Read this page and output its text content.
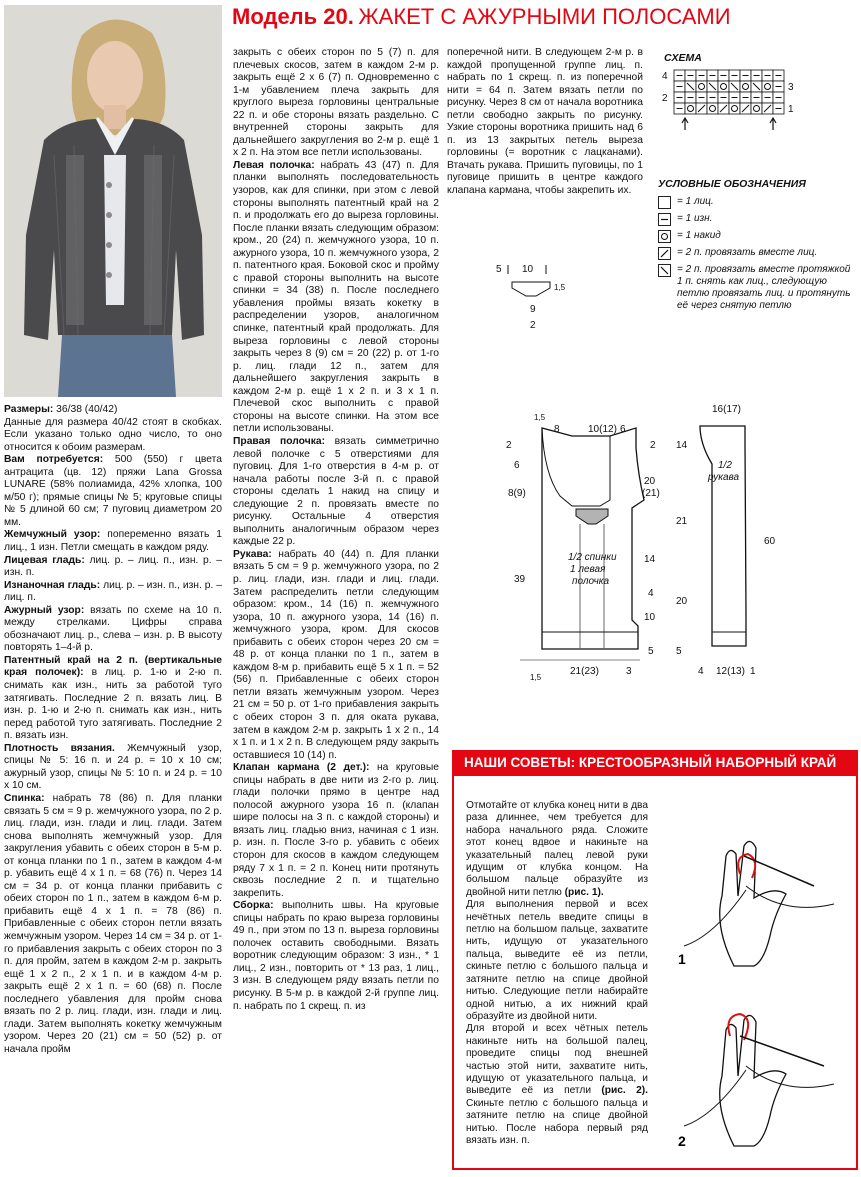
Модель 20. ЖАКЕТ С АЖУРНЫМИ ПОЛОСАМИ

Размеры: 36/38 (40/42)

Данные для размера 40/42 стоят в скобках. Если указано только одно число, то оно относится к обоим размерам.

Вам потребуется: 500 (550) г цвета антрацита (цв. 12) пряжи Lana Grossa LUNARE (58% полиамида, 42% хлопка, 100 м/50 г); прямые спицы № 5; круговые спицы № 5 длиной 60 см; 7 пуговиц диаметром 20 мм.

Жемчужный узор: попеременно вязать 1 лиц., 1 изн. Петли смещать в каждом ряду.

Лицевая гладь: лиц. р. – лиц. п., изн. р. – изн. п.

Изнаночная гладь: лиц. р. – изн. п., изн. р. – лиц. п.

Ажурный узор: вязать по схеме на 10 п. между стрелками. Цифры справа обозначают лиц. р., слева – изн. р. В высоту повторять 1–4-й р.

Патентный край на 2 п. (вертикальные края полочек): в лиц. р. 1-ю и 2-ю п. снимать как изн., нить за работой туго затягивать. Последние 2 п. вязать лиц. В изн. р. 1-ю и 2-ю п. снимать как изн., нить перед работой туго затягивать. Последние 2 п. вязать изн.

Плотность вязания. Жемчужный узор, спицы № 5: 16 п. и 24 р. = 10 х 10 см; ажурный узор, спицы № 5: 10 п. и 24 р. = 10 х 10 см.

Спинка: набрать 78 (86) п. Для планки связать 5 см = 9 р. жемчужного узора, по 2 р. лиц. глади, изн. глади и лиц. глади. Затем снова выполнять жемчужный узор. Для закругления убавить с обеих сторон в 5-м р. от конца планки по 1 п., затем в каждом 4-м р. убавить ещё 4 х 1 п. = 68 (76) п. Через 14 см = 34 р. от конца планки прибавить с обеих сторон по 1 п., затем в каждом 6-м р. прибавить ещё 4 х 1 п. = 78 (86) п. Прибавленные с обеих сторон петли вязать жемчужным узором. Через 14 см = 34 р. от 1-го прибавления закрыть с обеих сторон по 3 п. для пройм, затем в каждом 2-м р. закрыть ещё 1 х 2 п., 2 х 1 п. и в каждом 4-м р. закрыть ещё 2 х 1 п. = 60 (68) п. После последнего убавления для пройм снова вязать по 2 р. лиц. глади, изн. глади и лиц. глади. Затем выполнять кокетку жемчужным узором. Через 20 (21) см = 50 (52) р. от начала пройм

закрыть с обеих сторон по 5 (7) п. для плечевых скосов, затем в каждом 2-м р. закрыть ещё 2 х 6 (7) п. Одновременно с 1-м убавлением плеча закрыть для круглого выреза горловины центральные 22 п. и обе стороны вязать раздельно. С внутренней стороны закрыть для дальнейшего закругления во 2-м р. ещё 1 х 2 п. На этом все петли использованы.

Левая полочка: набрать 43 (47) п. Для планки выполнять последовательность узоров, как для спинки, при этом с левой стороны выполнять патентный край на 2 п. и продолжать его до выреза горловины. После планки вязать следующим образом: кром., 20 (24) п. жемчужного узора, 10 п. ажурного узора, 10 п. жемчужного узора, 2 п. патентного края. Боковой скос и пройму с правой стороны выполнить на высоте спинки = 34 (38) п. После последнего убавления проймы вязать кокетку в распределении узоров, аналогичном спинке, патентный край продолжать. Для выреза горловины с левой стороны закрыть через 8 (9) см = 20 (22) р. от 1-го р. лиц. глади 12 п., затем для дальнейшего закругления закрыть в каждом 2-м р. ещё 1 х 2 п. и 3 х 1 п. Плечевой скос выполнить с правой стороны на высоте спинки. На этом все петли использованы.

Правая полочка: вязать симметрично левой полочке с 5 отверстиями для пуговиц. Для 1-го отверстия в 4-м р. от начала работы после 3-й п. с правой стороны сделать 1 накид на спицу и следующие 2 п. провязать вместе по рисунку. Остальные 4 отверстия выполнить аналогичным образом через каждые 22 р.

Рукава: набрать 40 (44) п. Для планки вязать 5 см = 9 р. жемчужного узора, по 2 р. лиц. глади, изн. глади и лиц. глади. Затем распределить петли следующим образом: кром., 14 (16) п. жемчужного узора, 10 п. ажурного узора, 14 (16) п. жемчужного узора, кром. Для скосов прибавить с обеих сторон через 20 см = 48 р. от конца планки по 1 п., затем в каждом 8-м р. прибавить ещё 5 х 1 п. = 52 (56) п. Прибавленные с обеих сторон петли вязать жемчужным узором. Через 21 см = 50 р. от 1-го прибавления закрыть с обеих сторон 3 п. для оката рукава, затем в каждом 2-м р. закрыть 1 х 2 п., 14 х 1 п. и 1 х 2 п. В следующем ряду закрыть оставшиеся 10 (14) п.

Клапан кармана (2 дет.): на круговые спицы набрать в две нити из 2-го р. лиц. глади полочки прямо в центре над полосой ажурного узора 16 п. (клапан шире полосы на 3 п. с каждой стороны) и вязать лиц. гладью вниз, начиная с 1 изн. р. изн. п. После 3-го р. убавить с обеих сторон для скосов в каждом следующем ряду 7 х 1 п. = 2 п. Конец нити протянуть сквозь последние 2 п. и тщательно закрепить.

Сборка: выполнить швы. На круговые спицы набрать по краю выреза горловины 49 п., при этом по 13 п. выреза горловины полочек оставить свободными. Вязать воротник следующим образом: 3 изн., * 1 лиц., 2 изн., повторить от * 13 раз, 1 лиц., 3 изн. В следующем ряду вязать петли по рисунку. В 5-м р. в каждой 2-й группе лиц. п. набрать по 1 скрещ. п. из

поперечной нити. В следующем 2-м р. в каждой пропущенной группе лиц. п. набрать по 1 скрещ. п. из поперечной нити = 64 п. Затем вязать петли по рисунку. Через 8 см от начала воротника петли свободно закрыть по рисунку. Узкие стороны воротника пришить над 6 п. из 13 закрытых петель выреза горловины (= воротник с лацканами). Втачать рукава. Пришить пуговицы, по 1 пуговице пришить в центре каждого клапана кармана, чтобы закрепить их.

СХЕМА
4
3
2
1
УСЛОВНЫЕ ОБОЗНАЧЕНИЯ
= 1 лиц.
= 1 изн.
= 1 накид
= 2 п. провязать вместе лиц.
= 2 п. провязать вместе протяжкой 1 п. снять как лиц., следующую петлю провязать лиц. и протянуть её через снятую петлю
5 10
1,5
9
2
1/2 спинки
1 левая
полочка
1,5
8	10(12) 6
2
6
8(9)
39
2
20
(21)
14
4
10
5
1,5
21(23)	3
16(17)
1/2
рукава
14
21
20
5
60
4 12(13) 1
НАШИ СОВЕТЫ: КРЕСТООБРАЗНЫЙ НАБОРНЫЙ КРАЙ

Отмотайте от клубка конец нити в два раза длиннее, чем требуется для набора начального ряда. Сложите этот конец вдвое и накиньте на указательный палец левой руки идущим от клубка концом. На большом пальце образуйте из двойной нити петлю (рис. 1).

Для выполнения первой и всех нечётных петель введите спицы в петлю на большом пальце, захватите нить, идущую от указательного пальца, выведите её из петли, скиньте петлю с большого пальца и затяните петлю на спице двойной нитью. Следующие петли набирайте одной нитью, а их нижний край образуйте из двойной нити.

Для второй и всех чётных петель накиньте нить на большой палец, проведите спицы под внешней частью этой нити, захватите нить, идущую от указательного пальца, и выведите её из петли (рис. 2). Скиньте петлю с большого пальца и затяните петлю на спице двойной нитью. После набора первый ряд вязать изн. п.

1
2
